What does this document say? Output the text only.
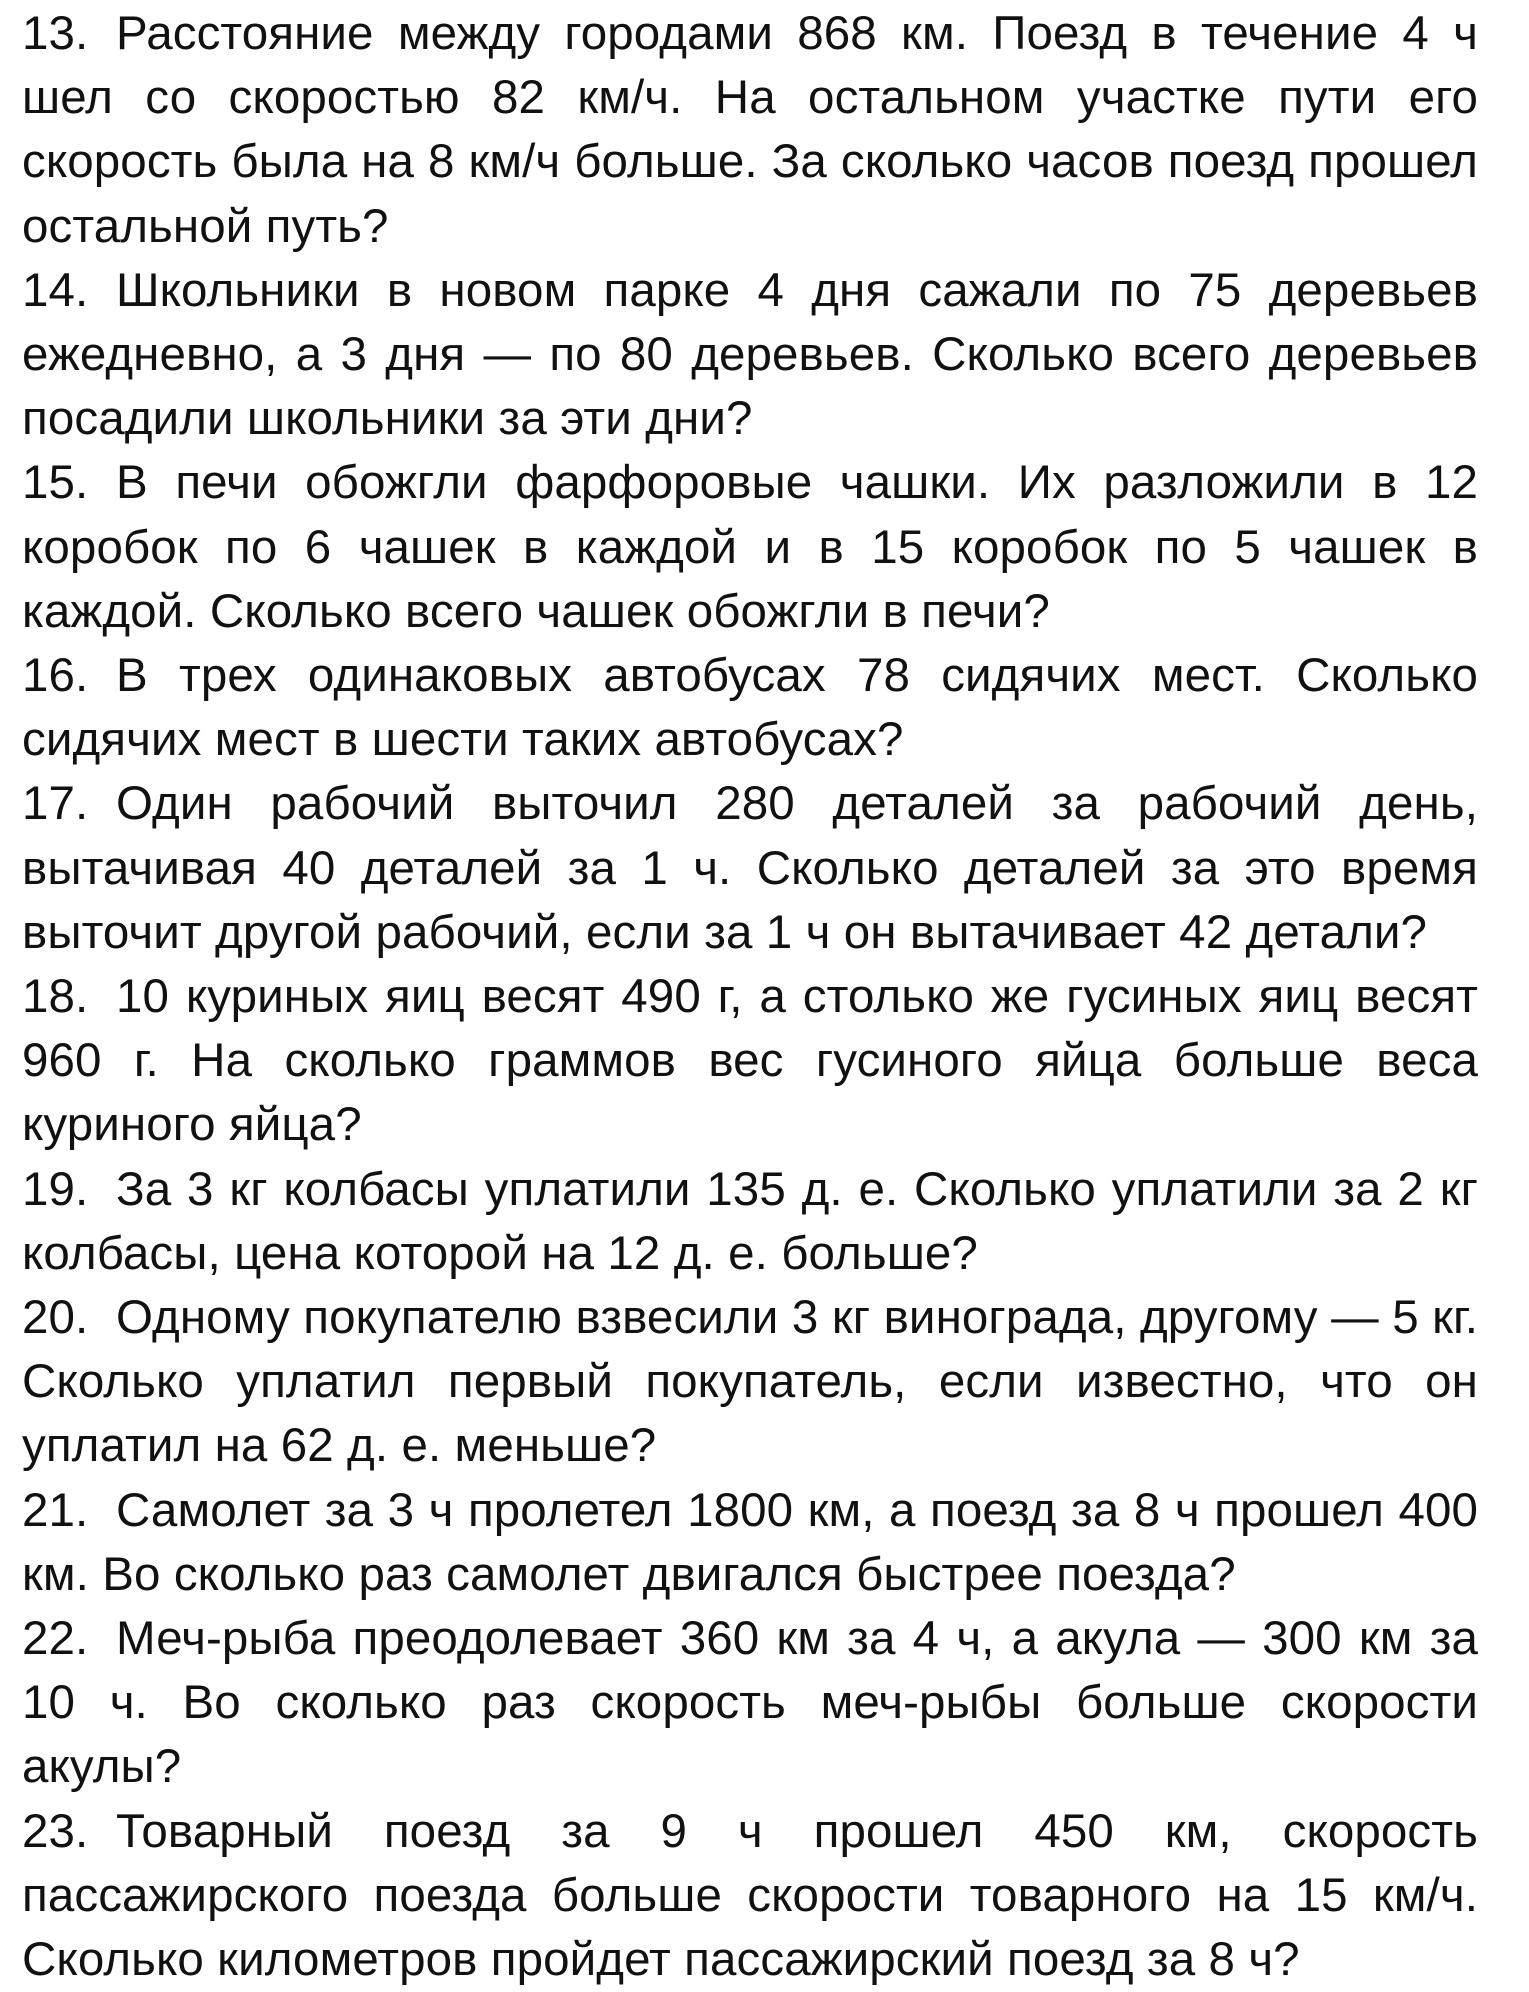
13. Расстояние между городами 868 км. Поезд в течение 4 ч шел со скоростью 82 км/ч. На остальном участке пути его скорость была на 8 км/ч больше. За сколько часов поезд прошел остальной путь?

14. Школьники в новом парке 4 дня сажали по 75 деревьев ежедневно, а 3 дня — по 80 деревьев. Сколько всего деревьев посадили школьники за эти дни?

15. В печи обожгли фарфоровые чашки. Их разложили в 12 коробок по 6 чашек в каждой и в 15 коробок по 5 чашек в каждой. Сколько всего чашек обожгли в печи?

16. В трех одинаковых автобусах 78 сидячих мест. Сколько сидячих мест в шести таких автобусах?

17. Один рабочий выточил 280 деталей за рабочий день, вытачивая 40 деталей за 1 ч. Сколько деталей за это время выточит другой рабочий, если за 1 ч он вытачивает 42 детали?

18. 10 куриных яиц весят 490 г, а столько же гусиных яиц весят 960 г. На сколько граммов вес гусиного яйца больше веса куриного яйца?

19. За 3 кг колбасы уплатили 135 д. е. Сколько уплатили за 2 кг колбасы, цена которой на 12 д. е. больше?

20. Одному покупателю взвесили 3 кг винограда, другому — 5 кг. Сколько уплатил первый покупатель, если известно, что он уплатил на 62 д. е. меньше?

21. Самолет за 3 ч пролетел 1800 км, а поезд за 8 ч прошел 400 км. Во сколько раз самолет двигался быстрее поезда?

22. Меч-рыба преодолевает 360 км за 4 ч, а акула — 300 км за 10 ч. Во сколько раз скорость меч-рыбы больше скорости акулы?

23. Товарный поезд за 9 ч прошел 450 км, скорость пассажирского поезда больше скорости товарного на 15 км/ч. Сколько километров пройдет пассажирский поезд за 8 ч?
